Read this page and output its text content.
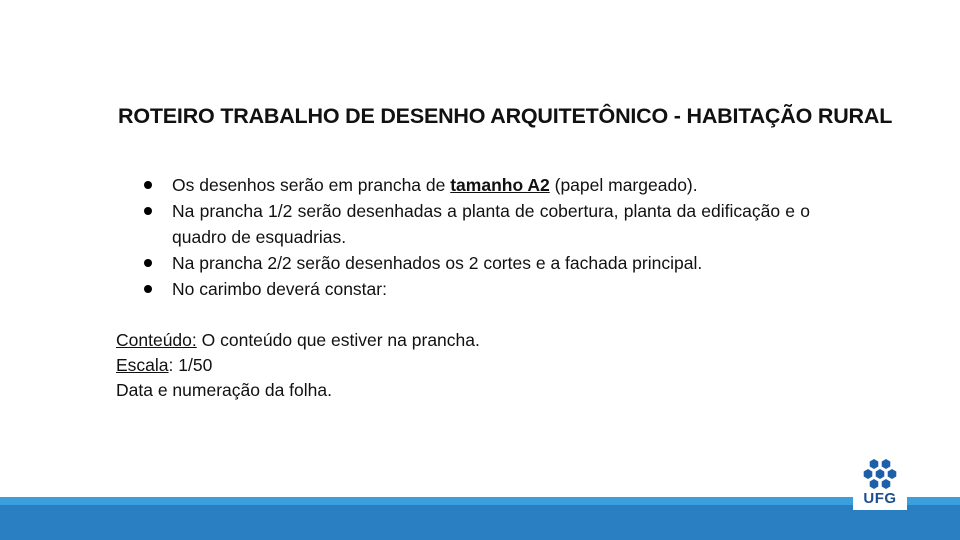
ROTEIRO TRABALHO DE DESENHO ARQUITETÔNICO - HABITAÇÃO RURAL
Os desenhos serão em prancha de tamanho A2 (papel margeado).
Na prancha 1/2 serão desenhadas a planta de cobertura, planta da edificação e o quadro de esquadrias.
Na prancha 2/2 serão desenhados os 2 cortes e a fachada principal.
No carimbo deverá constar:
Conteúdo: O conteúdo que estiver na prancha.
Escala: 1/50
Data e numeração da folha.
UFG
